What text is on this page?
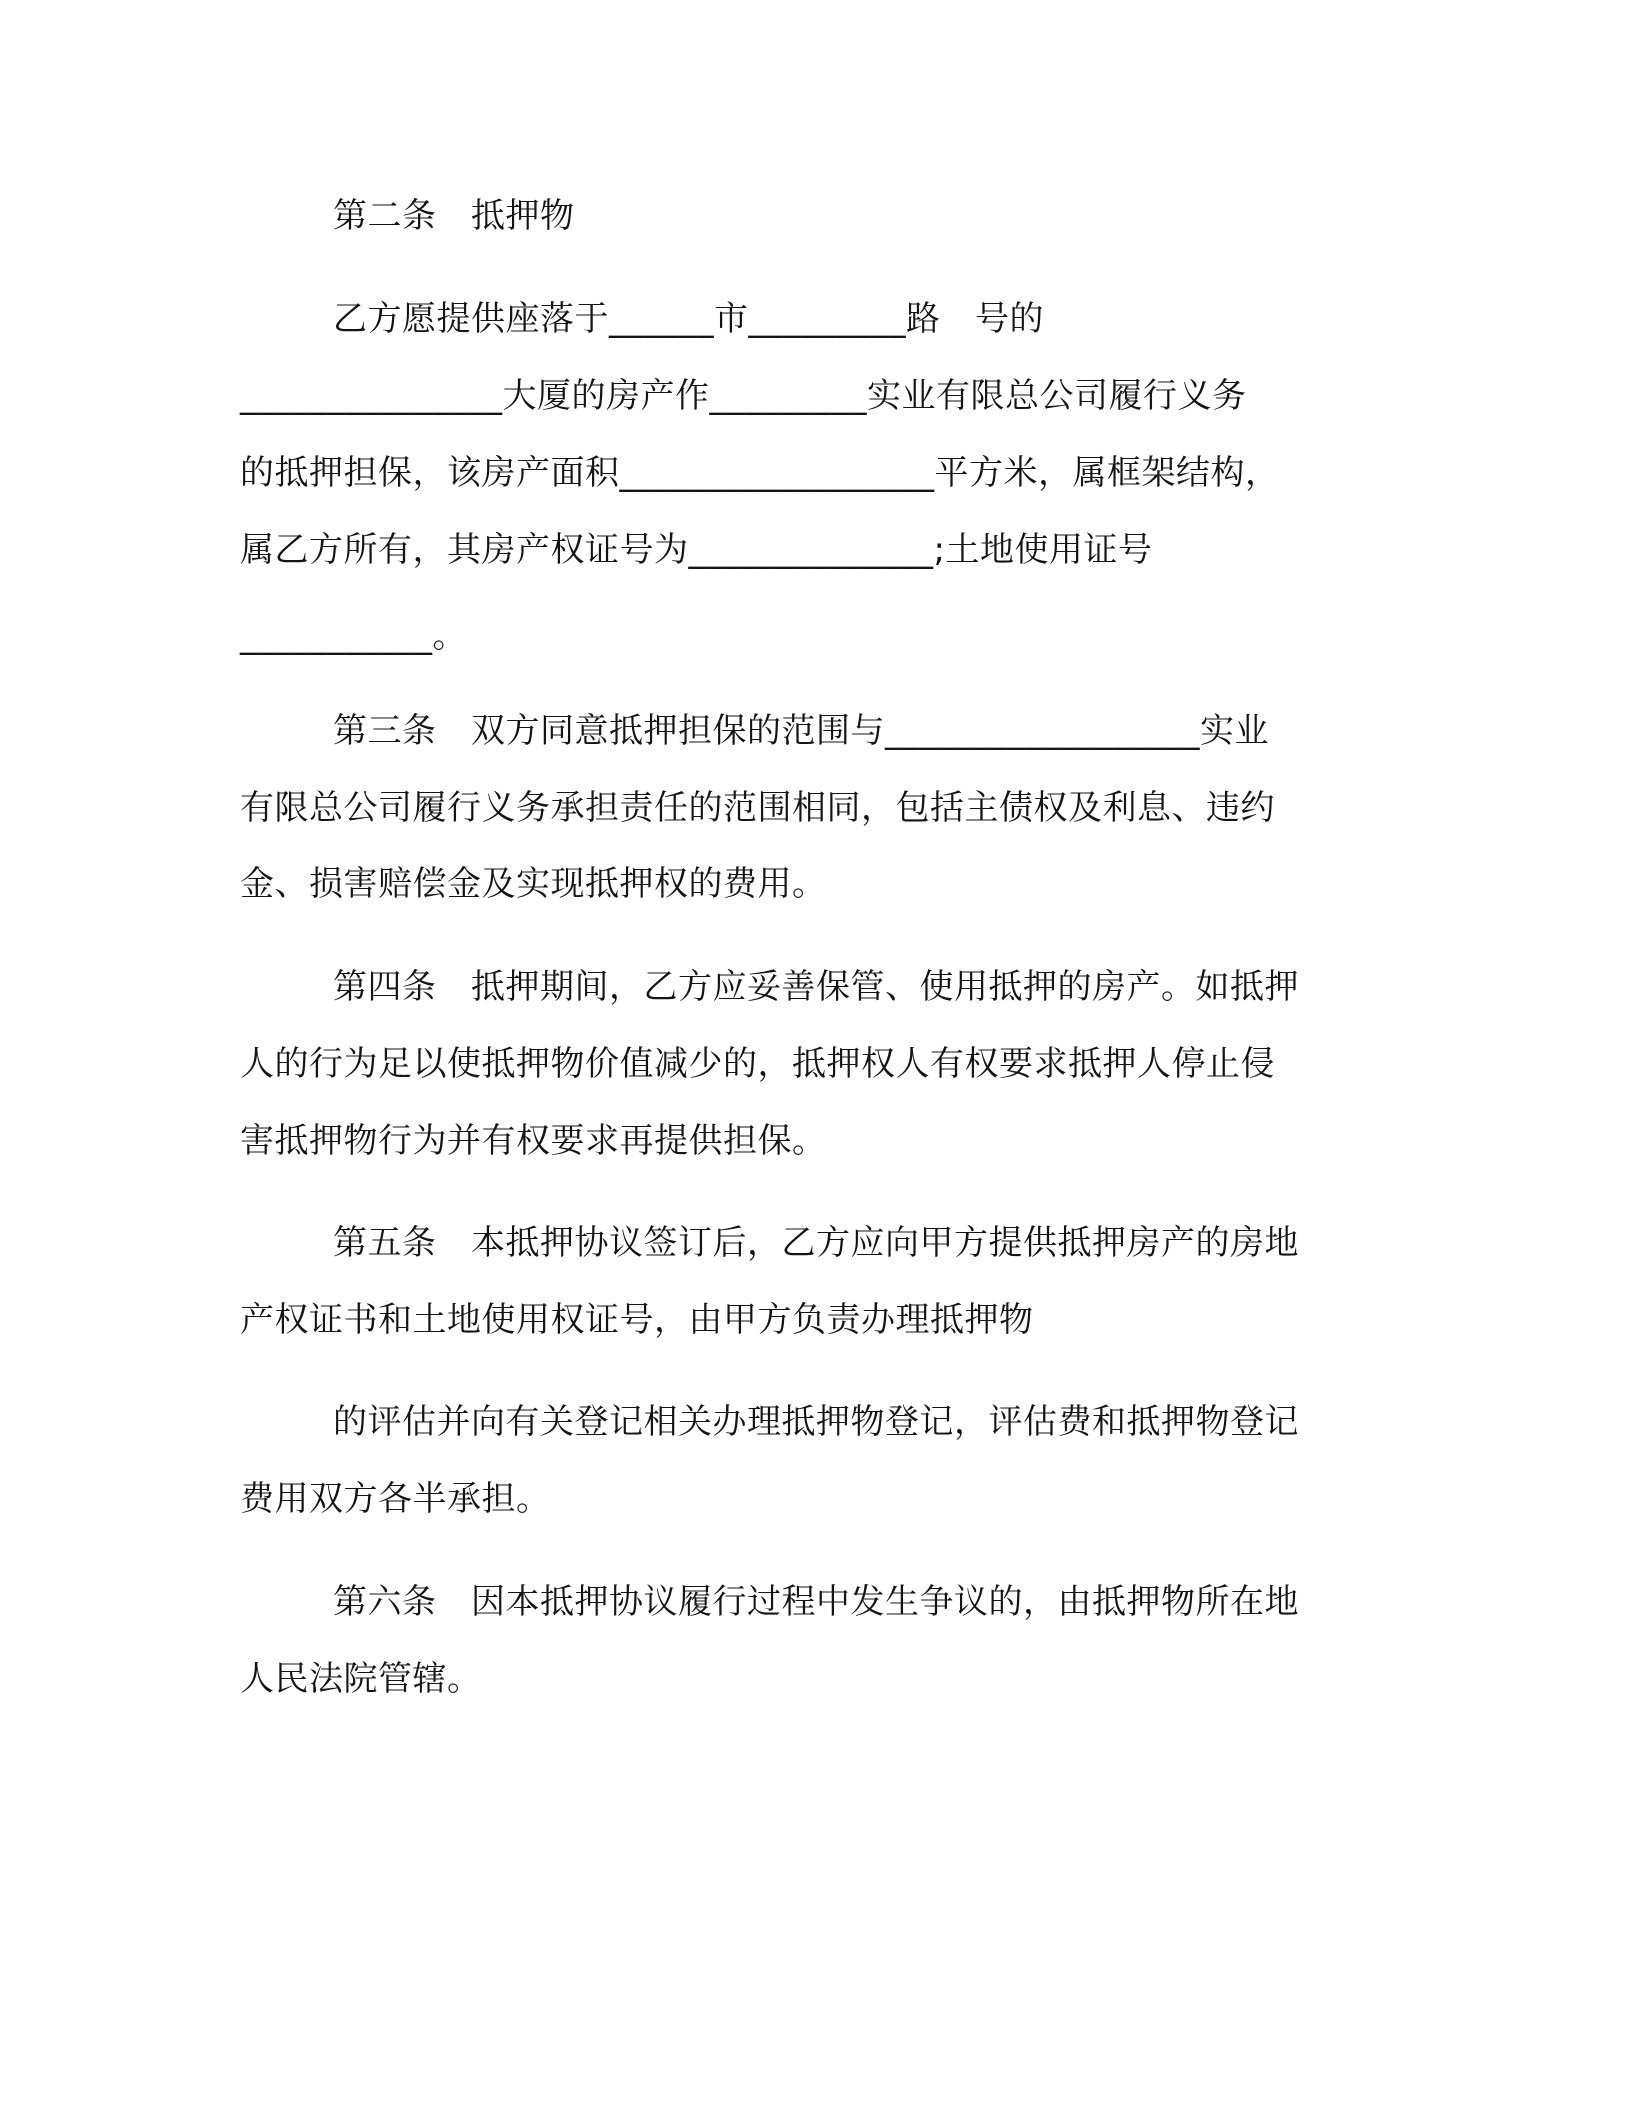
第二条　抵押物
乙方愿提供座落于______市_________路　号的
_______________大厦的房产作_________实业有限总公司履行义务
的抵押担保，该房产面积__________________平方米，属框架结构，
属乙方所有，其房产权证号为______________;土地使用证号
___________。
第三条　双方同意抵押担保的范围与__________________实业
有限总公司履行义务承担责任的范围相同，包括主债权及利息、违约
金、损害赔偿金及实现抵押权的费用。
第四条　抵押期间，乙方应妥善保管、使用抵押的房产。如抵押
人的行为足以使抵押物价值减少的，抵押权人有权要求抵押人停止侵
害抵押物行为并有权要求再提供担保。
第五条　本抵押协议签订后，乙方应向甲方提供抵押房产的房地
产权证书和土地使用权证号，由甲方负责办理抵押物
的评估并向有关登记相关办理抵押物登记，评估费和抵押物登记
费用双方各半承担。
第六条　因本抵押协议履行过程中发生争议的，由抵押物所在地
人民法院管辖。
